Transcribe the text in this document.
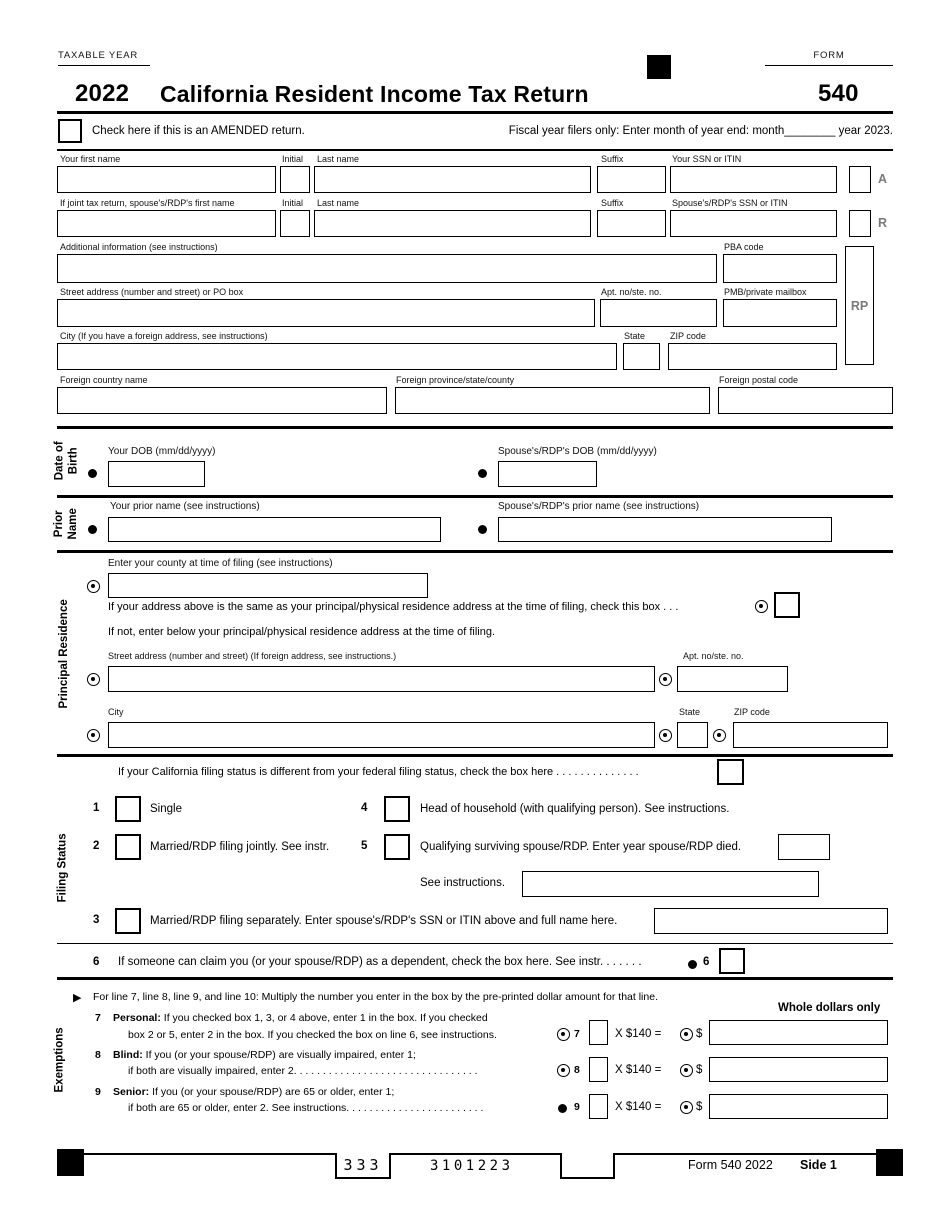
TAXABLE YEAR	FORM
2022 California Resident Income Tax Return	540
Check here if this is an AMENDED return.	Fiscal year filers only: Enter month of year end: month________ year 2023.
Your first name	Initial Last name	Suffix	Your SSN or ITIN
A
If joint tax return, spouse's/RDP's first name	Initial Last name	Suffix	Spouse's/RDP's SSN or ITIN
R
Additional information (see instructions)	PBA code
RP
Street address (number and street) or PO box	Apt. no/ste. no.	PMB/private mailbox
City (If you have a foreign address, see instructions)	State	ZIP code
Foreign country name	Foreign province/state/county	Foreign postal code
Date of Birth	Your DOB (mm/dd/yyyy)	Spouse's/RDP's DOB (mm/dd/yyyy)
Prior Name
Your prior name (see instructions)	Spouse's/RDP's prior name (see instructions)
Principal Residence
Enter your county at time of filing (see instructions)
If your address above is the same as your principal/physical residence address at the time of filing, check this box . . .
If not, enter below your principal/physical residence address at the time of filing.
Street address (number and street) (If foreign address, see instructions.)	Apt. no/ste. no.
City	State	ZIP code
Filing Status
If your California filing status is different from your federal filing status, check the box here . . . . . . . . . . . . . .
1	Single	4	Head of household (with qualifying person). See instructions.
2	Married/RDP filing jointly. See instr.	5	Qualifying surviving spouse/RDP. Enter year spouse/RDP died.
See instructions.
3	Married/RDP filing separately. Enter spouse's/RDP's SSN or ITIN above and full name here.
6 If someone can claim you (or your spouse/RDP) as a dependent, check the box here. See instr. . . . . . .	6
Exemptions
▶ For line 7, line 8, line 9, and line 10: Multiply the number you enter in the box by the pre-printed dollar amount for that line.
Whole dollars only
7 Personal: If you checked box 1, 3, or 4 above, enter 1 in the box. If you checked
box 2 or 5, enter 2 in the box. If you checked the box on line 6, see instructions.	7	X $140 =	$
8 Blind: If you (or your spouse/RDP) are visually impaired, enter 1;
if both are visually impaired, enter 2. . . . . . . . . . . . . . . . . . . . . . . . . . . . . . . .	8	X $140 =	$
9 Senior: If you (or your spouse/RDP) are 65 or older, enter 1;
if both are 65 or older, enter 2. See instructions. . . . . . . . . . . . . . . . . . . . . . . .	9	X $140 =	$
333	3101223	Form 540 2022 Side 1
